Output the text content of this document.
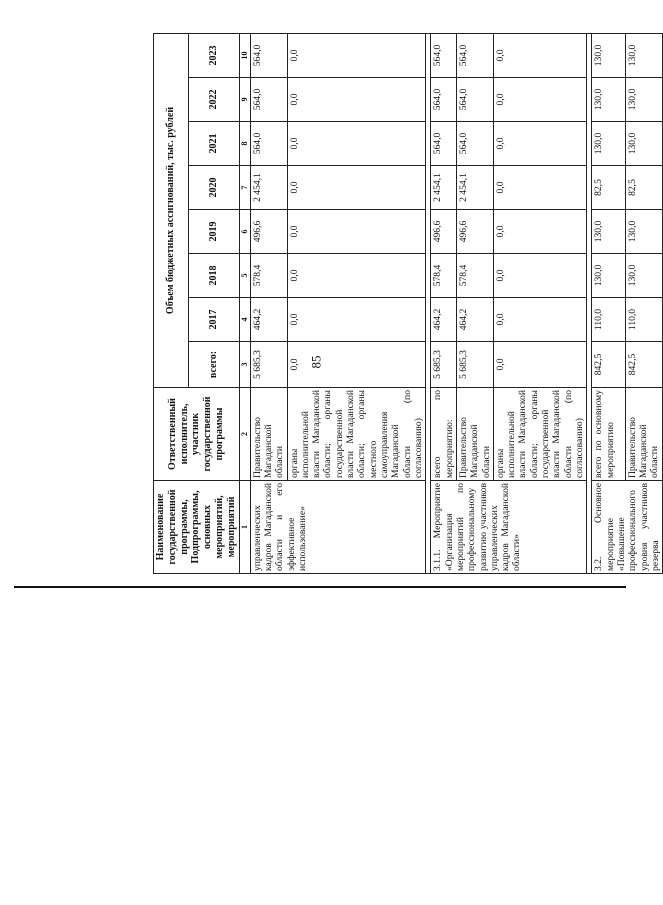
85
Наименование государственной программы, Подпрограммы, основных мероприятий, мероприятий	Ответственный исполнитель, участник государственной программы	Объем бюджетных ассигнований, тыс. рублей							
		всего:	2017	2018	2019	2020	2021	2022	2023
1	2	3	4	5	6	7	8	9	10
управленческих кадров Магаданской области и его эффективное использование»	Правительство Магаданской области	5 685,3	464,2	578,4	496,6	2 454,1	564,0	564,0	564,0
	органы исполнительной власти Магаданской области; органы государственной власти Магаданской области; органы местного самоуправления Магаданской области (по согласованию)	0,0	0,0	0,0	0,0	0,0	0,0	0,0	0,0

3.1.1. Мероприятие «Организация мероприятий по профессиональному развитию участников управленческих кадров Магаданской области»	всего по мероприятию:	5 685,3	464,2	578,4	496,6	2 454,1	564,0	564,0	564,0
	Правительство Магаданской области	5 685,3	464,2	578,4	496,6	2 454,1	564,0	564,0	564,0
	органы исполнительной власти Магаданской области; органы государственной власти Магаданской области (по согласованию)	0,0	0,0	0,0	0,0	0,0	0,0	0,0	0,0

3.2. Основное мероприятие «Повышение профессионального уровня участников резерва	всего по основному мероприятию	842,5	110,0	130,0	130,0	82,5	130,0	130,0	130,0
	Правительство Магаданской области	842,5	110,0	130,0	130,0	82,5	130,0	130,0	130,0
